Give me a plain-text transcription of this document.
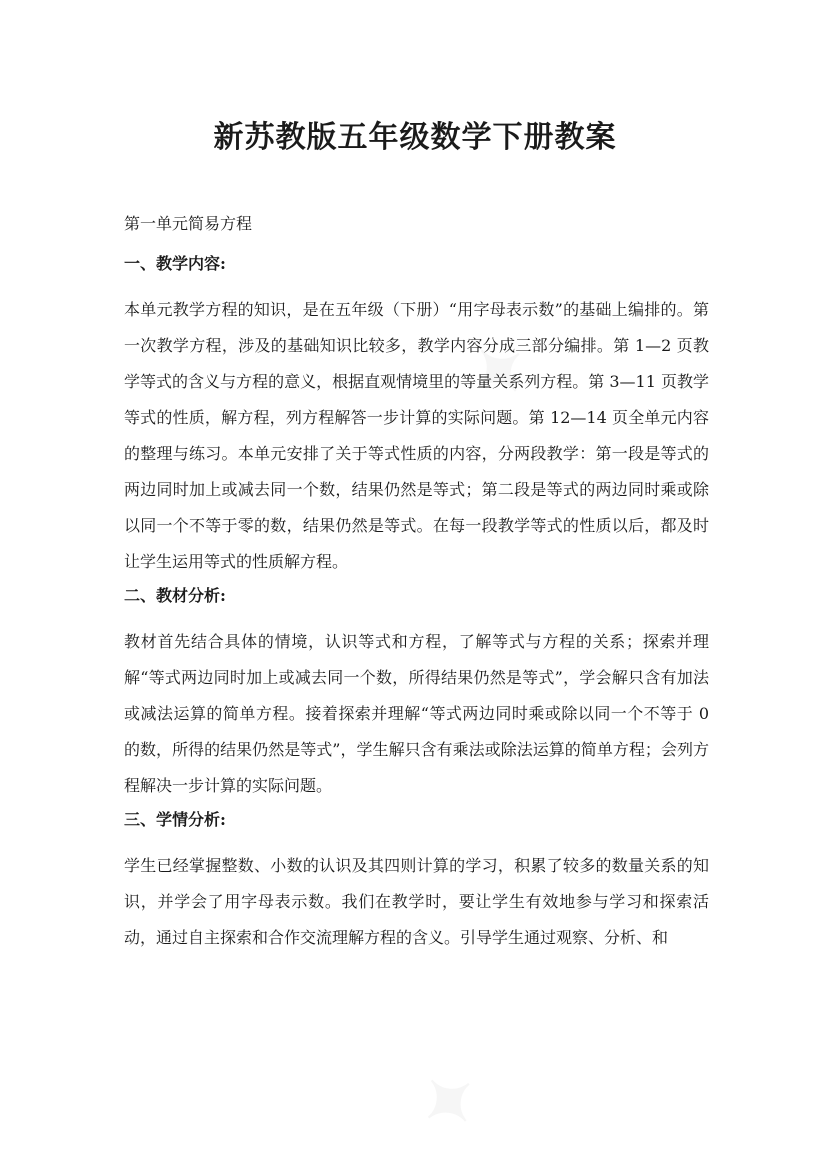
新苏教版五年级数学下册教案

第一单元简易方程

一、教学内容:

本单元教学方程的知识，是在五年级（下册）“用字母表示数”的基础上编排的。第一次教学方程，涉及的基础知识比较多，教学内容分成三部分编排。第 1—2 页教学等式的含义与方程的意义，根据直观情境里的等量关系列方程。第 3—11 页教学等式的性质，解方程，列方程解答一步计算的实际问题。第 12—14 页全单元内容的整理与练习。本单元安排了关于等式性质的内容，分两段教学：第一段是等式的两边同时加上或减去同一个数，结果仍然是等式；第二段是等式的两边同时乘或除以同一个不等于零的数，结果仍然是等式。在每一段教学等式的性质以后，都及时让学生运用等式的性质解方程。

二、教材分析:

教材首先结合具体的情境，认识等式和方程，了解等式与方程的关系；探索并理解“等式两边同时加上或减去同一个数，所得结果仍然是等式”，学会解只含有加法或减法运算的简单方程。接着探索并理解“等式两边同时乘或除以同一个不等于 0 的数，所得的结果仍然是等式”，学生解只含有乘法或除法运算的简单方程；会列方程解决一步计算的实际问题。

三、学情分析:

学生已经掌握整数、小数的认识及其四则计算的学习，积累了较多的数量关系的知识，并学会了用字母表示数。我们在教学时，要让学生有效地参与学习和探索活动，通过自主探索和合作交流理解方程的含义。引导学生通过观察、分析、和
